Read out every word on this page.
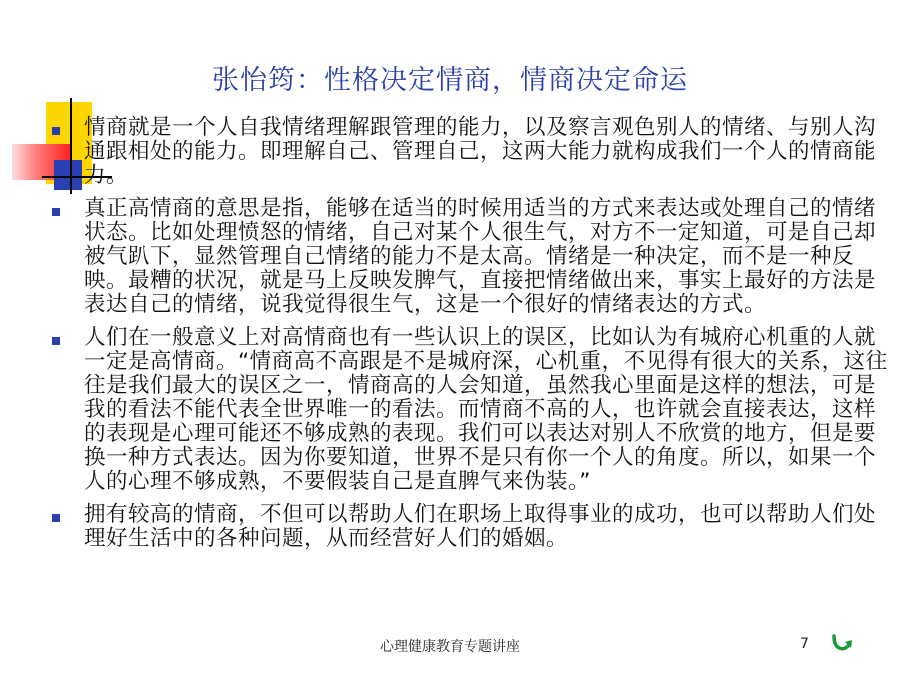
张怡筠：性格决定情商，情商决定命运
情商就是一个人自我情绪理解跟管理的能力，以及察言观色别人的情绪、与别人沟通跟相处的能力。即理解自己、管理自己，这两大能力就构成我们一个人的情商能力。
真正高情商的意思是指，能够在适当的时候用适当的方式来表达或处理自己的情绪状态。比如处理愤怒的情绪，自己对某个人很生气，对方不一定知道，可是自己却被气趴下，显然管理自己情绪的能力不是太高。情绪是一种决定，而不是一种反映。最糟的状况，就是马上反映发脾气，直接把情绪做出来，事实上最好的方法是表达自己的情绪，说我觉得很生气，这是一个很好的情绪表达的方式。
人们在一般意义上对高情商也有一些认识上的误区，比如认为有城府心机重的人就一定是高情商。“情商高不高跟是不是城府深，心机重，不见得有很大的关系，这往往是我们最大的误区之一，情商高的人会知道，虽然我心里面是这样的想法，可是我的看法不能代表全世界唯一的看法。而情商不高的人，也许就会直接表达，这样的表现是心理可能还不够成熟的表现。我们可以表达对别人不欣赏的地方，但是要换一种方式表达。因为你要知道，世界不是只有你一个人的角度。所以，如果一个人的心理不够成熟，不要假装自己是直脾气来伪装。”
拥有较高的情商，不但可以帮助人们在职场上取得事业的成功，也可以帮助人们处理好生活中的各种问题，从而经营好人们的婚姻。
心理健康教育专题讲座	7
